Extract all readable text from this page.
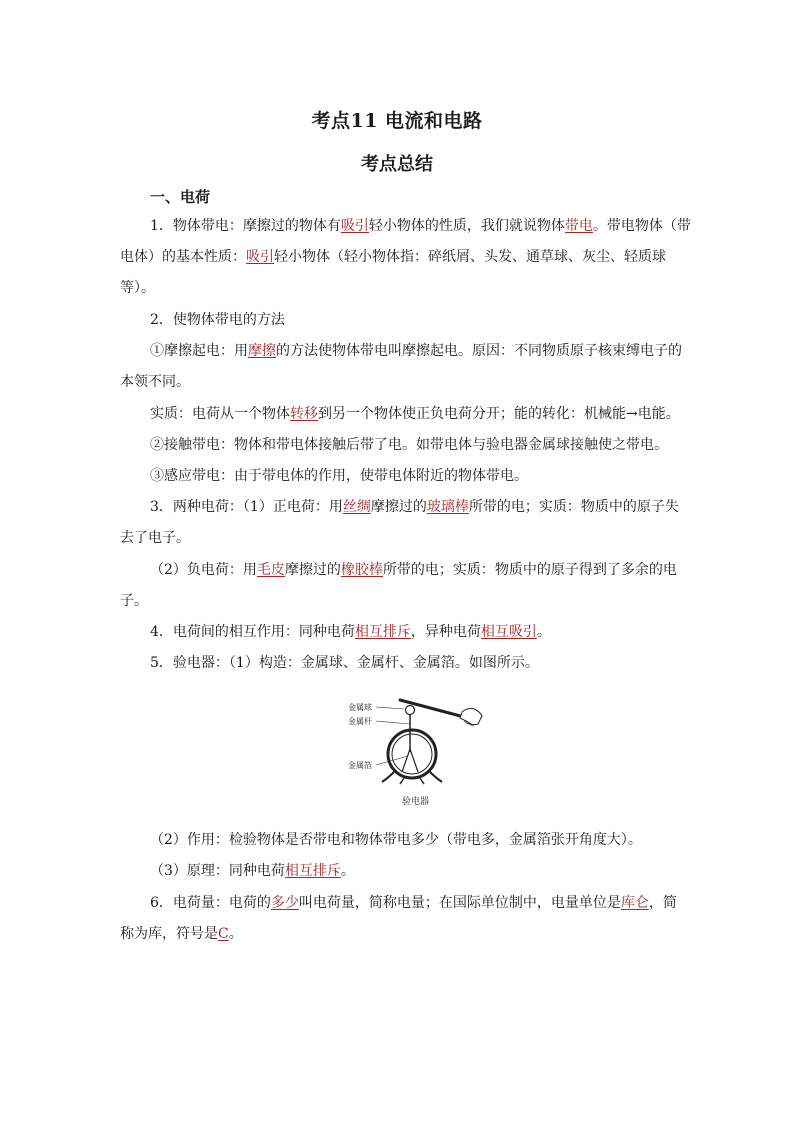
考点11 电流和电路
考点总结
一、电荷
1．物体带电：摩擦过的物体有吸引轻小物体的性质，我们就说物体带电。带电物体（带
电体）的基本性质：吸引轻小物体（轻小物体指：碎纸屑、头发、通草球、灰尘、轻质球
等）。
2．使物体带电的方法
①摩擦起电：用摩擦的方法使物体带电叫摩擦起电。原因：不同物质原子核束缚电子的
本领不同。
实质：电荷从一个物体转移到另一个物体使正负电荷分开；能的转化：机械能→电能。
②接触带电：物体和带电体接触后带了电。如带电体与验电器金属球接触使之带电。
③感应带电：由于带电体的作用，使带电体附近的物体带电。
3．两种电荷：（1）正电荷：用丝绸摩擦过的玻璃棒所带的电；实质：物质中的原子失
去了电子。
（2）负电荷：用毛皮摩擦过的橡胶棒所带的电；实质：物质中的原子得到了多余的电
子。
4．电荷间的相互作用：同种电荷相互排斥，异种电荷相互吸引。
5．验电器：（1）构造：金属球、金属杆、金属箔。如图所示。
金属球
金属杆
金属箔
验电器
（2）作用：检验物体是否带电和物体带电多少（带电多，金属箔张开角度大）。
（3）原理：同种电荷相互排斥。
6．电荷量：电荷的多少叫电荷量，简称电量；在国际单位制中，电量单位是库仑，简
称为库，符号是C。
